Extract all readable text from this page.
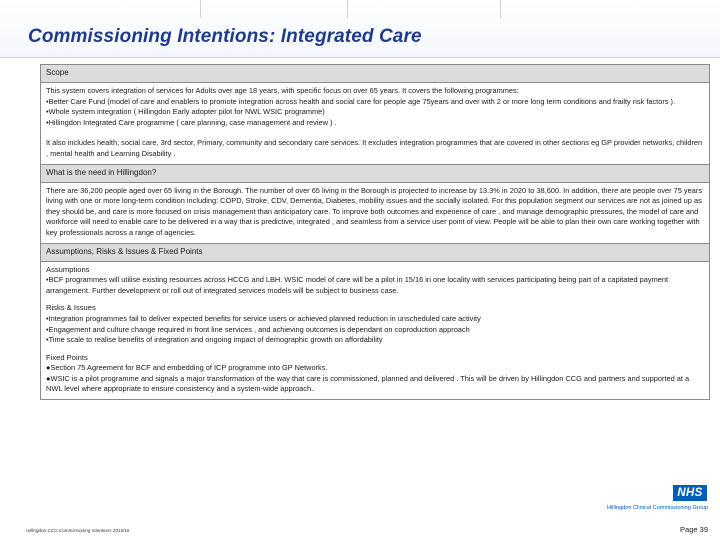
Commissioning Intentions: Integrated Care
Scope

This system covers integration of services for Adults over age 18 years, with specific focus on over 65 years. It covers the following programmes:

•Better Care Fund (model of care and enablers to promote integration across health and social care for people age 75years and over with 2 or more long term conditions and frailty risk factors ).

•Whole system integration ( Hillingdon Early adopter pilot for NWL WSIC programme)

•Hillingdon Integrated Care programme ( care planning, case management and review ) .

It also includes health, social care, 3rd sector, Primary, community and secondary care services. It excludes integration programmes that are covered in other sections eg GP provider networks, children , mental health and Learning Disability .

What is the need in Hillingdon?

There are 36,200 people aged over 65 living in the Borough. The number of over 65 living in the Borough is projected to increase by 13.3% in 2020 to 38,600. In addition, there are people over 75 years living with one or more long-term condition including: COPD, Stroke, CDV, Dementia, Diabetes, mobility issues and the socially isolated. For this population segment our services are not as joined up as they should be, and care is more focused on crisis management than anticipatory care. To improve both outcomes and experience of care , and manage demographic pressures, the model of care and workforce will need to enable care to be delivered in a way that is predictive, integrated , and seamless from a service user point of view. People will be able to plan their own care working together with key professionals across a range of agencies.

Assumptions, Risks & Issues & Fixed Points

Assumptions

•BCF programmes will utilise existing resources across HCCG and LBH. WSIC model of care will be a pilot in 15/16 in one locality with services participating being part of a capitated payment arrangement. Further development or roll out of integrated services models will be subject to business case.

Risks & Issues

•Integration programmes fail to deliver expected benefits for service users or achieved planned reduction in unscheduled care activity

•Engagement and culture change required in front line services , and achieving outcomes is dependant on coproduction approach

•Time scale to realise benefits of integration and ongoing impact of demographic growth on affordability

Fixed Points

●Section 75 Agreement for BCF and embedding of ICP programme into GP Networks.

●WSIC is a pilot programme and signals a major transformation of the way that care is commissioned, planned and delivered . This will be driven by Hillingdon CCG and partners and supported at a NWL level where appropriate to ensure consistency and a system-wide approach..

NHS
Hillingdon Clinical Commissioning Group
Hillingdon CCG Commissioning Intentions 2015/16	Page 39
